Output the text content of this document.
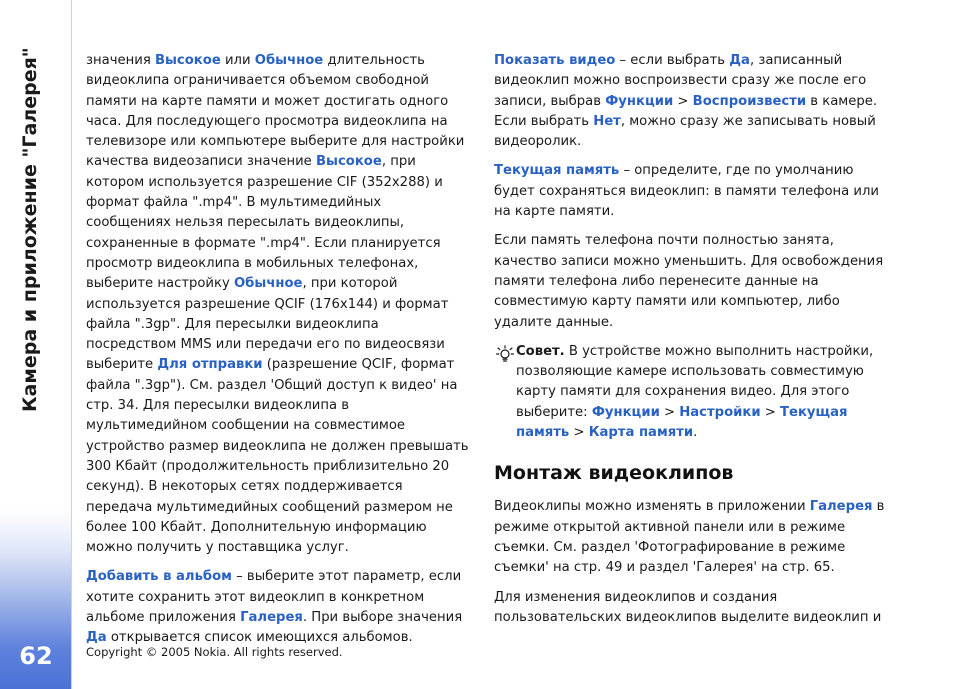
Камера и приложение "Галерея"
62

значения Высокое или Обычное длительность видеоклипа ограничивается объемом свободной памяти на карте памяти и может достигать одного часа. Для последующего просмотра видеоклипа на телевизоре или компьютере выберите для настройки качества видеозаписи значение Высокое, при котором используется разрешение CIF (352x288) и формат файла ".mp4". В мультимедийных сообщениях нельзя пересылать видеоклипы, сохраненные в формате ".mp4". Если планируется просмотр видеоклипа в мобильных телефонах, выберите настройку Обычное, при которой используется разрешение QCIF (176x144) и формат файла ".3gp". Для пересылки видеоклипа посредством MMS или передачи его по видеосвязи выберите Для отправки (разрешение QCIF, формат файла ".3gp"). См. раздел 'Общий доступ к видео' на стр. 34. Для пересылки видеоклипа в мультимедийном сообщении на совместимое устройство размер видеоклипа не должен превышать 300 Кбайт (продолжительность приблизительно 20 секунд). В некоторых сетях поддерживается передача мультимедийных сообщений размером не более 100 Кбайт. Дополнительную информацию можно получить у поставщика услуг.

Добавить в альбом – выберите этот параметр, если хотите сохранить этот видеоклип в конкретном альбоме приложения Галерея. При выборе значения Да открывается список имеющихся альбомов.

Показать видео – если выбрать Да, записанный видеоклип можно воспроизвести сразу же после его записи, выбрав Функции > Воспроизвести в камере. Если выбрать Нет, можно сразу же записывать новый видеоролик.

Текущая память – определите, где по умолчанию будет сохраняться видеоклип: в памяти телефона или на карте памяти.

Если память телефона почти полностью занята, качество записи можно уменьшить. Для освобождения памяти телефона либо перенесите данные на совместимую карту памяти или компьютер, либо удалите данные.

Совет. В устройстве можно выполнить настройки, позволяющие камере использовать совместимую карту памяти для сохранения видео. Для этого выберите: Функции > Настройки > Текущая память > Карта памяти.

Монтаж видеоклипов

Видеоклипы можно изменять в приложении Галерея в режиме открытой активной панели или в режиме съемки. См. раздел 'Фотографирование в режиме съемки' на стр. 49 и раздел 'Галерея' на стр. 65.

Для изменения видеоклипов и создания пользовательских видеоклипов выделите видеоклип и

Copyright © 2005 Nokia. All rights reserved.
